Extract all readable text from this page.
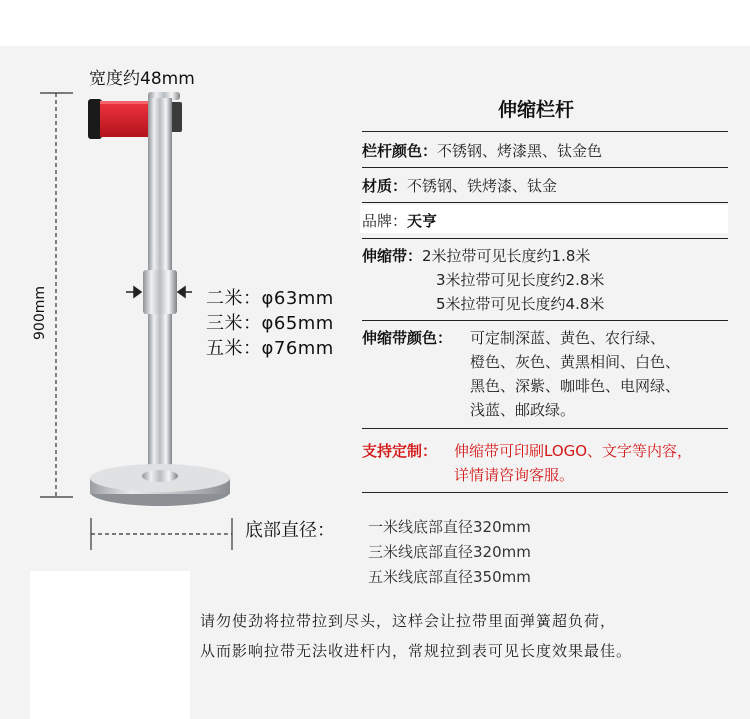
宽度约48mm
900mm	二米：φ63mm
三米：φ65mm
五米：φ76mm
伸缩栏杆
栏杆颜色：不锈钢、烤漆黑、钛金色
材质：不锈钢、铁烤漆、钛金
品牌：天亨
伸缩带： 2米拉带可见长度约1.8米
3米拉带可见长度约2.8米
5米拉带可见长度约4.8米
伸缩带颜色： 可定制深蓝、黄色、农行绿、
橙色、灰色、黄黑相间、白色、
黑色、深紫、咖啡色、电网绿、
浅蓝、邮政绿。
支持定制： 伸缩带可印刷LOGO、文字等内容，
详情请咨询客服。
底部直径： 一米线底部直径320mm
三米线底部直径320mm
五米线底部直径350mm
请勿使劲将拉带拉到尽头，这样会让拉带里面弹簧超负荷，
从而影响拉带无法收进杆内，常规拉到表可见长度效果最佳。
